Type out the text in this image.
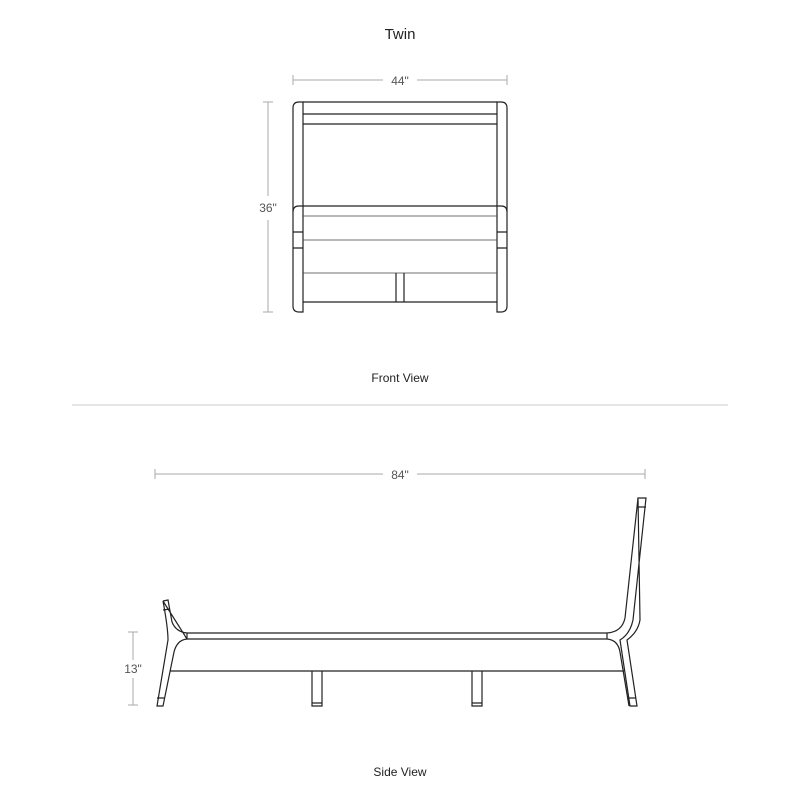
Twin
44"
36"
Front View
84"
13"
Side View
